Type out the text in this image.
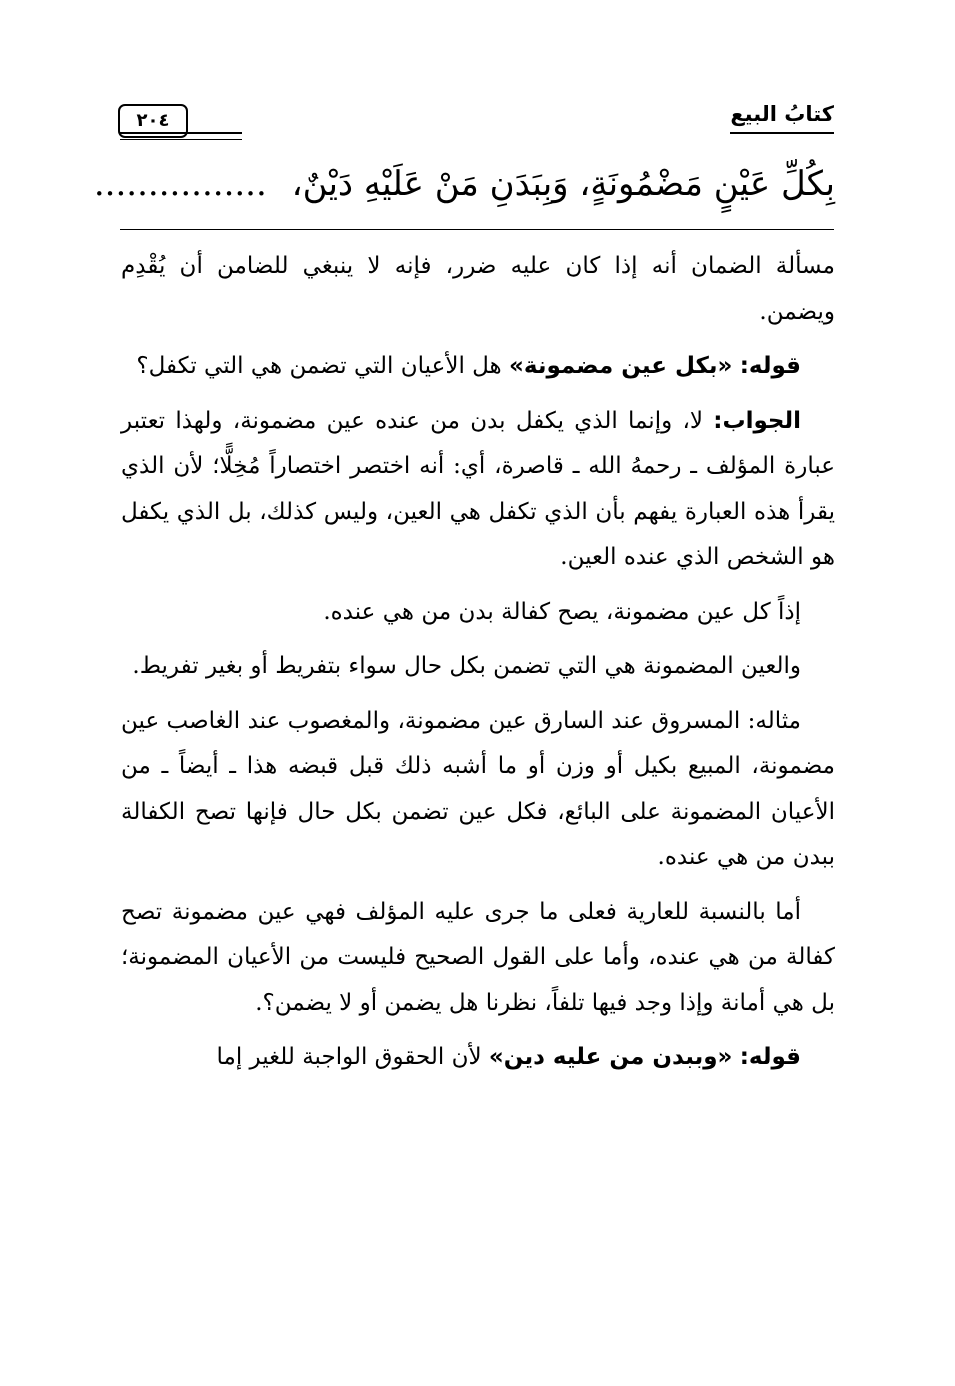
كتابُ البيع
٢٠٤
بِكُلِّ عَيْنٍ مَضْمُونَةٍ، وَبِبَدَنِ مَنْ عَلَيْهِ دَيْنٌ، ................

مسألة الضمان أنه إذا كان عليه ضرر، فإنه لا ينبغي للضامن أن يُقْدِم ويضمن.

قوله: «بكل عين مضمونة» هل الأعيان التي تضمن هي التي تكفل؟

الجواب: لا، وإنما الذي يكفل بدن من عنده عين مضمونة، ولهذا تعتبر عبارة المؤلف ـ رحمهُ الله ـ قاصرة، أي: أنه اختصر اختصاراً مُخِلًّا؛ لأن الذي يقرأ هذه العبارة يفهم بأن الذي تكفل هي العين، وليس كذلك، بل الذي يكفل هو الشخص الذي عنده العين.

إذاً كل عين مضمونة، يصح كفالة بدن من هي عنده.

والعين المضمونة هي التي تضمن بكل حال سواء بتفريط أو بغير تفريط.

مثاله: المسروق عند السارق عين مضمونة، والمغصوب عند الغاصب عين مضمونة، المبيع بكيل أو وزن أو ما أشبه ذلك قبل قبضه هذا ـ أيضاً ـ من الأعيان المضمونة على البائع، فكل عين تضمن بكل حال فإنها تصح الكفالة ببدن من هي عنده.

أما بالنسبة للعارية فعلى ما جرى عليه المؤلف فهي عين مضمونة تصح كفالة من هي عنده، وأما على القول الصحيح فليست من الأعيان المضمونة؛ بل هي أمانة وإذا وجد فيها تلفاً، نظرنا هل يضمن أو لا يضمن؟.

قوله: «وببدن من عليه دين» لأن الحقوق الواجبة للغير إما
